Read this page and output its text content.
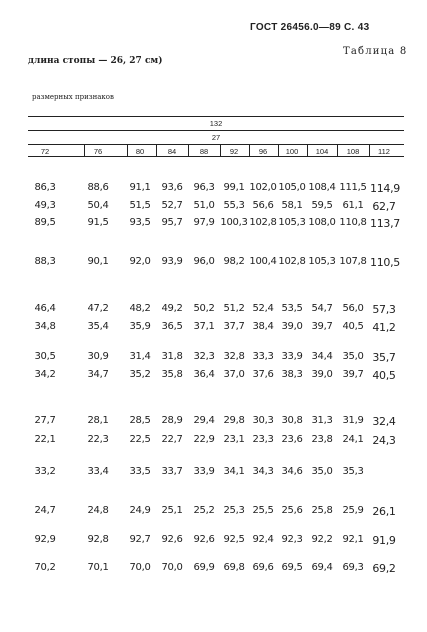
ГОСТ 26456.0—89 С. 43
Таблица 8
длина стопы — 26, 27 см)
размерных признаков
132
27
72	76	80	84	88	92	96	100	104	108	112
86,3	88,6	91,1	93,6	96,3 99,1 102,0 105,0 108,4 111,5 114,9
49,3	50,4	51,5	52,7	51,0 55,3 56,6 58,1 59,5 61,1 62,7
89,5	91,5	93,5	95,7	97,9 100,3 102,8 105,3 108,0 110,8 113,7
88,3	90,1	92,0	93,9	96,0 98,2 100,4 102,8 105,3 107,8 110,5
46,4	47,2	48,2	49,2	50,2 51,2 52,4 53,5 54,7 56,0 57,3
34,8	35,4	35,9	36,5	37,1 37,7 38,4 39,0 39,7 40,5 41,2
30,5	30,9	31,4	31,8	32,3 32,8 33,3 33,9 34,4 35,0 35,7
34,2	34,7	35,2	35,8	36,4 37,0 37,6 38,3 39,0 39,7 40,5
27,7	28,1	28,5	28,9	29,4 29,8 30,3 30,8 31,3 31,9 32,4
22,1	22,3	22,5	22,7	22,9 23,1 23,3 23,6 23,8 24,1 24,3
33,2	33,4	33,5	33,7	33,9 34,1 34,3 34,6 35,0 35,3
24,7	24,8	24,9	25,1	25,2 25,3 25,5 25,6 25,8 25,9 26,1
92,9	92,8	92,7	92,6	92,6 92,5 92,4 92,3 92,2 92,1 91,9
70,2	70,1	70,0	70,0	69,9 69,8 69,6 69,5 69,4 69,3 69,2
